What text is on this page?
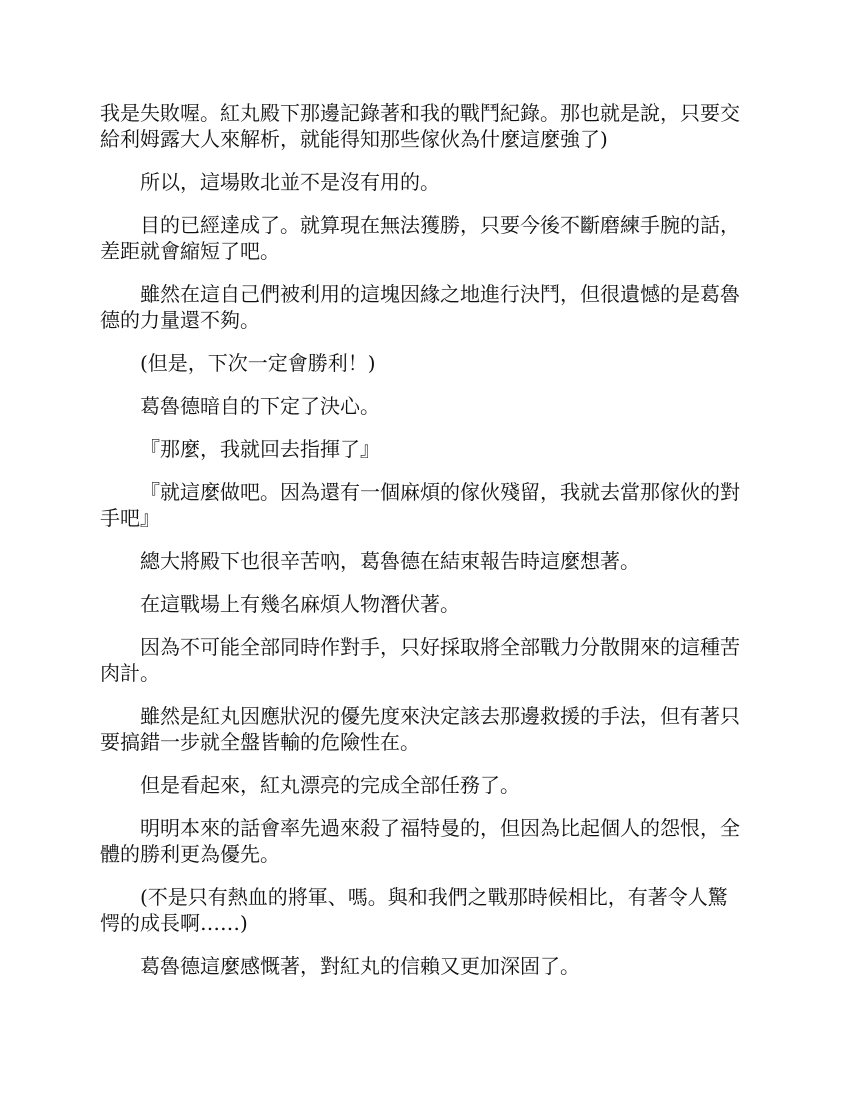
我是失敗喔。紅丸殿下那邊記錄著和我的戰鬥紀錄。那也就是說，只要交給利姆露大人來解析，就能得知那些傢伙為什麼這麼強了)

所以，這場敗北並不是沒有用的。

目的已經達成了。就算現在無法獲勝，只要今後不斷磨練手腕的話，差距就會縮短了吧。

雖然在這自己們被利用的這塊因緣之地進行決鬥，但很遺憾的是葛魯德的力量還不夠。

(但是，下次一定會勝利！)

葛魯德暗自的下定了決心。

『那麼，我就回去指揮了』

『就這麼做吧。因為還有一個麻煩的傢伙殘留，我就去當那傢伙的對手吧』

總大將殿下也很辛苦吶，葛魯德在結束報告時這麼想著。

在這戰場上有幾名麻煩人物潛伏著。

因為不可能全部同時作對手，只好採取將全部戰力分散開來的這種苦肉計。

雖然是紅丸因應狀況的優先度來決定該去那邊救援的手法，但有著只要搞錯一步就全盤皆輸的危險性在。

但是看起來，紅丸漂亮的完成全部任務了。

明明本來的話會率先過來殺了福特曼的，但因為比起個人的怨恨，全體的勝利更為優先。

(不是只有熱血的將軍、嗎。與和我們之戰那時候相比，有著令人驚愕的成長啊……)

葛魯德這麼感慨著，對紅丸的信賴又更加深固了。
